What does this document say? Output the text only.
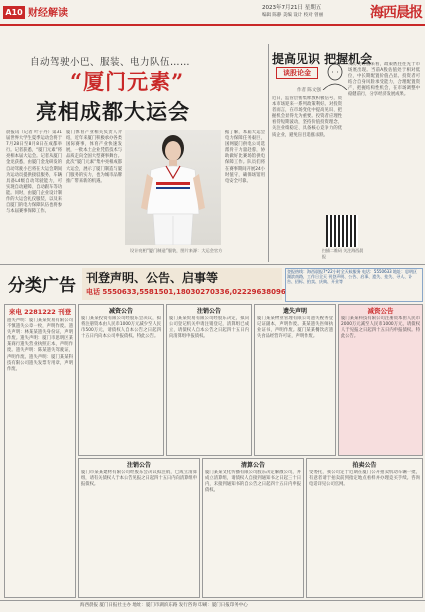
A10 财经解读	2023年7月21日 星期五
编辑 陈静 美编 设计 校对 曾丽	海西晨报
自动驾驶小巴、服装、电力队伍……
“厦门元素”
亮相成都大运会
晨报讯（记者 叶子丹）第31届世界大学生夏季运动会将于7月28日至8月8日在成都举行。记者获悉，“厦门元素”将亮相本届大运会。记者从厦门金龙获悉，由厦门金龙研发的自动驾驶小巴将在大运会期间为运动员提供接驳服务，车辆具备L4级自动驾驶能力，可实现自动避障、自动跟车等功能。同时，由厦门企业设计制作的大运会礼仪服装，以及来自厦门的电力保障队伍也将参与本届赛事保障工作。
厦门体育产业相关负责人介绍，近年来厦门积极承办各类国际赛事，体育产业快速发展，一批本土企业凭借技术与品质走向全国大型赛事舞台。此次“厦门元素”集中亮相成都大运会，展示了厦门制造与厦门服务的实力，也为城市品牌推广带来新的机遇。
设计亮相“厦门制造”服装，图片来源：大运会官方
据了解，本届大运会电力保障任务艰巨，国网厦门供电公司选派骨干力量赴蓉，协助做好比赛场馆供电保障工作。队员们将在赛事期间开展24小时值守，确保场馆用电安全可靠。
提高见识 把握机会
谈股论金
作者 陈文强
近日，监管层密集释放积极信号，资本市场迎来一系列政策利好。对投资者而言，在市场变化中提高见识、把握机会显得尤为重要。投资者应理性看待短期波动，坚持价值投资理念，关注业绩稳定、具备核心竞争力的优质企业，避免盲目追涨杀跌。
从历史经验来看，政策底往往先于市场底出现。当前A股估值处于相对低位，中长期配置价值凸显。投资者可结合自身风险承受能力，合理配置资产，把握结构性机会，在市场调整中稳健前行，分享经济发展成果。
扫描二维码 关注海西晨报
分类广告 刊登声明、公告、启事等
电话 5550633,5581501,18030270336,02229638096
登报热线：海西晨报7*22小时全天候服务 电话：5550633 地址：思明区湖滨南路，工作日全天 刊登声明、公告、启事、遗失、挂失、寻人、讣告、招标、拍卖、庆典、开业等
来电 2281222 刊登
遗失声明：厦门某某贸易有限公司不慎遗失公章一枚，声明作废。遗失声明：林某某遗失身份证，声明作废。遗失声明：厦门市思明区某某商行遗失营业执照正本，声明作废。遗失声明：陈某遗失驾驶证，声明作废。遗失声明：厦门某某科技有限公司遗失发票专用章，声明作废。
减资公告
厦门某某投资有限公司经股东会决议，拟将注册资本由人民币1000万元减少至人民币500万元，请债权人自本公告之日起四十五日内向本公司申报债权。特此公告。
注销公告
厦门某某贸易有限公司经股东决定，拟向公司登记机关申请注销登记，清算组已成立，请债权人自本公告之日起四十五日内向清算组申报债权。
遗失声明
厦门某某物业管理有限公司遗失税务登记证副本，声明作废。某某遗失医师执业证书，声明作废。厦门某某餐饮店遗失食品经营许可证，声明作废。
减资公告
厦门某某科技有限公司注册资本由人民币2000万元减至人民币1000万元，请债权人于见报之日起四十五日内申报债权。特此公告。
注销公告
厦门市某某建材有限公司经股东会决议拟注销，已成立清算组，请有关债权人于本公告见报之日起四十五日内向清算组申报债权。
清算公告
厦门某某文化传播有限公司股东决定解散公司，并成立清算组，请债权人自接到通知书之日起三十日内，未接到通知书的自公告之日起四十五日内申报债权。
拍卖公告
受委托，我公司定于近期在厦门公开拍卖机动车辆一批，有意者请于拍卖前到指定地点看样并办理竞买手续。咨询电话详见公司官网。
海西晨报 厦门日报社主办 地址：厦门市湖滨东路 发行咨询 印刷：厦门日报印务中心
